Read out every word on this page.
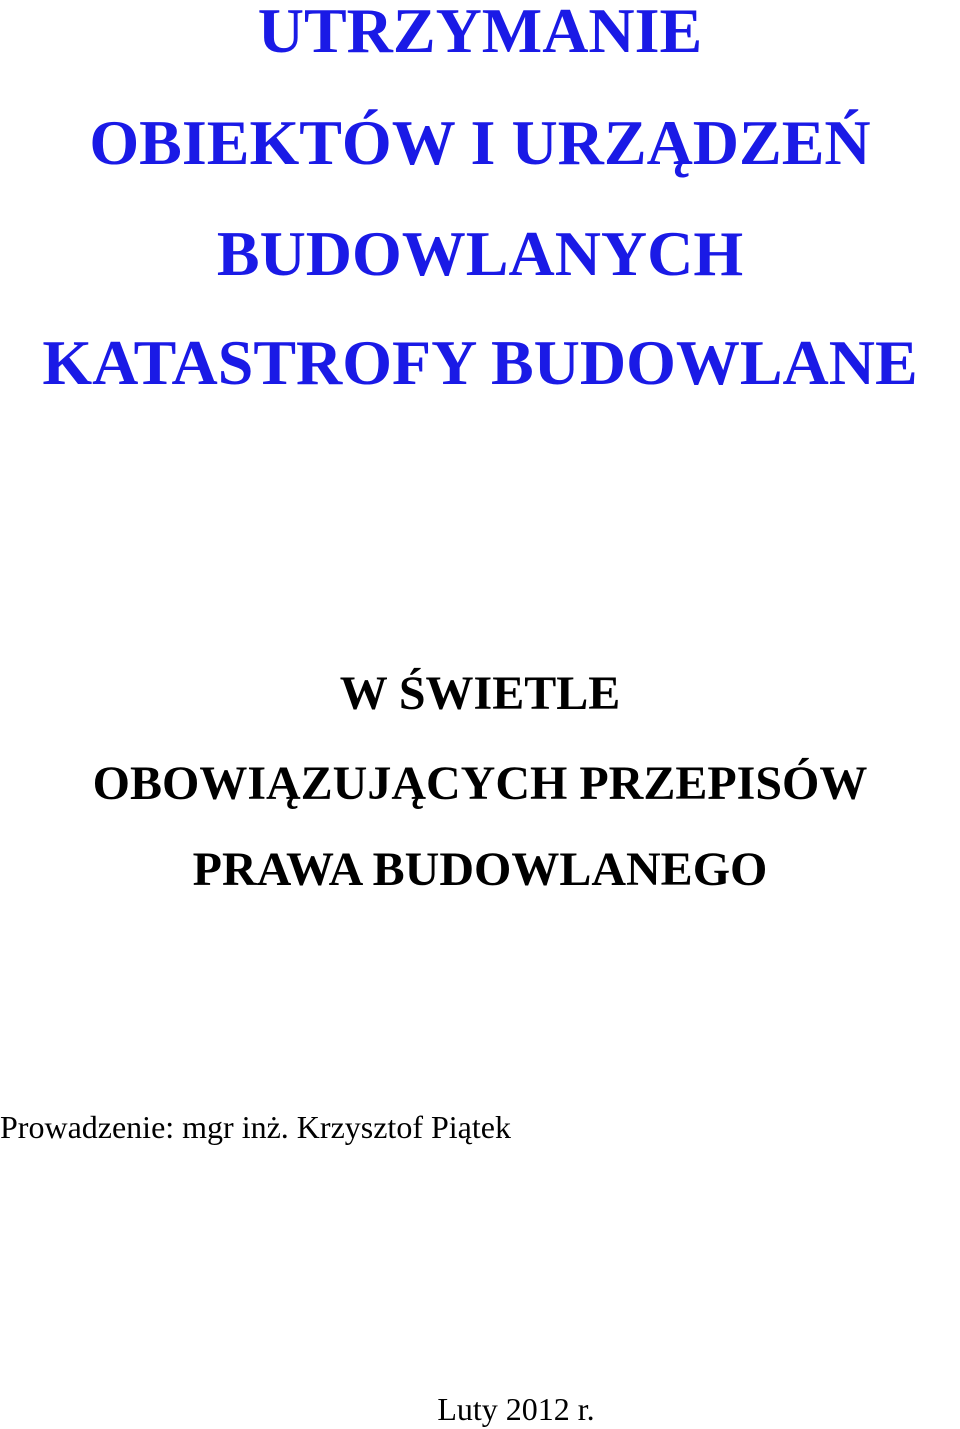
UTRZYMANIE
OBIEKTÓW I URZĄDZEŃ
BUDOWLANYCH
KATASTROFY BUDOWLANE
W ŚWIETLE
OBOWIĄZUJĄCYCH PRZEPISÓW
PRAWA BUDOWLANEGO
Prowadzenie: mgr inż. Krzysztof Piątek
Luty 2012 r.
